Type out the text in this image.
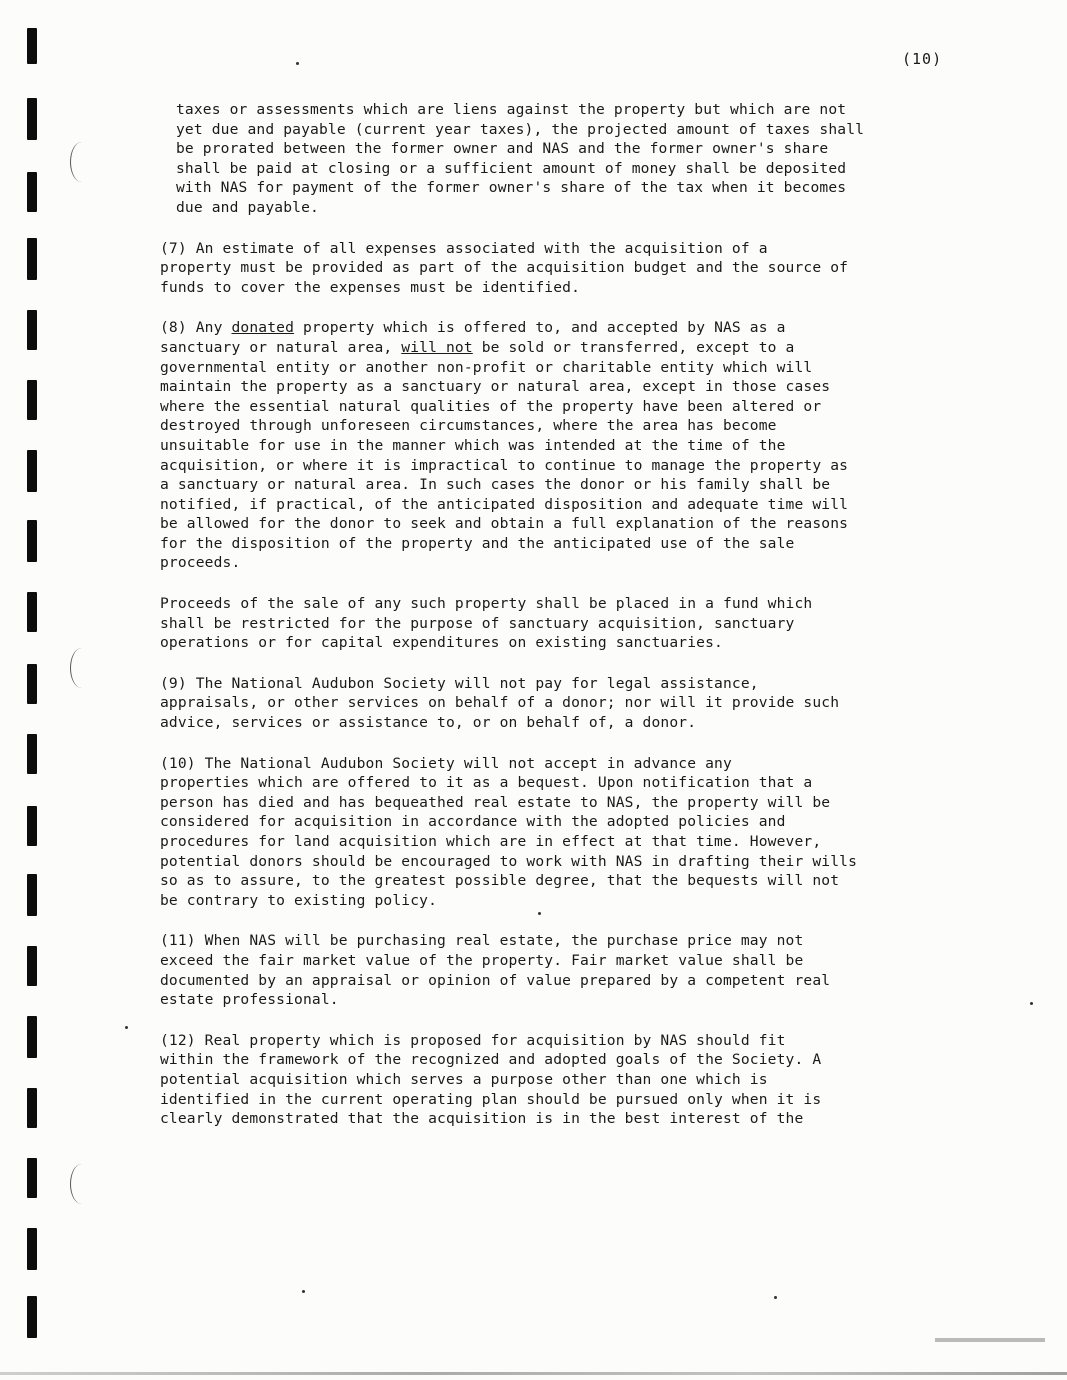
(10)

taxes or assessments which are liens against the property but which are not
yet due and payable (current year taxes), the projected amount of taxes shall
be prorated between the former owner and NAS and the former owner's share
shall be paid at closing or a sufficient amount of money shall be deposited
with NAS for payment of the former owner's share of the tax when it becomes
due and payable.

(7) An estimate of all expenses associated with the acquisition of a
property must be provided as part of the acquisition budget and the source of
funds to cover the expenses must be identified.

(8) Any donated property which is offered to, and accepted by NAS as a
sanctuary or natural area, will not be sold or transferred, except to a
governmental entity or another non-profit or charitable entity which will
maintain the property as a sanctuary or natural area, except in those cases
where the essential natural qualities of the property have been altered or
destroyed through unforeseen circumstances, where the area has become
unsuitable for use in the manner which was intended at the time of the
acquisition, or where it is impractical to continue to manage the property as
a sanctuary or natural area. In such cases the donor or his family shall be
notified, if practical, of the anticipated disposition and adequate time will
be allowed for the donor to seek and obtain a full explanation of the reasons
for the disposition of the property and the anticipated use of the sale
proceeds.

Proceeds of the sale of any such property shall be placed in a fund which
shall be restricted for the purpose of sanctuary acquisition, sanctuary
operations or for capital expenditures on existing sanctuaries.

(9) The National Audubon Society will not pay for legal assistance,
appraisals, or other services on behalf of a donor; nor will it provide such
advice, services or assistance to, or on behalf of, a donor.

(10) The National Audubon Society will not accept in advance any
properties which are offered to it as a bequest. Upon notification that a
person has died and has bequeathed real estate to NAS, the property will be
considered for acquisition in accordance with the adopted policies and
procedures for land acquisition which are in effect at that time. However,
potential donors should be encouraged to work with NAS in drafting their wills
so as to assure, to the greatest possible degree, that the bequests will not
be contrary to existing policy.

(11) When NAS will be purchasing real estate, the purchase price may not
exceed the fair market value of the property. Fair market value shall be
documented by an appraisal or opinion of value prepared by a competent real
estate professional.

(12) Real property which is proposed for acquisition by NAS should fit
within the framework of the recognized and adopted goals of the Society. A
potential acquisition which serves a purpose other than one which is
identified in the current operating plan should be pursued only when it is
clearly demonstrated that the acquisition is in the best interest of the
